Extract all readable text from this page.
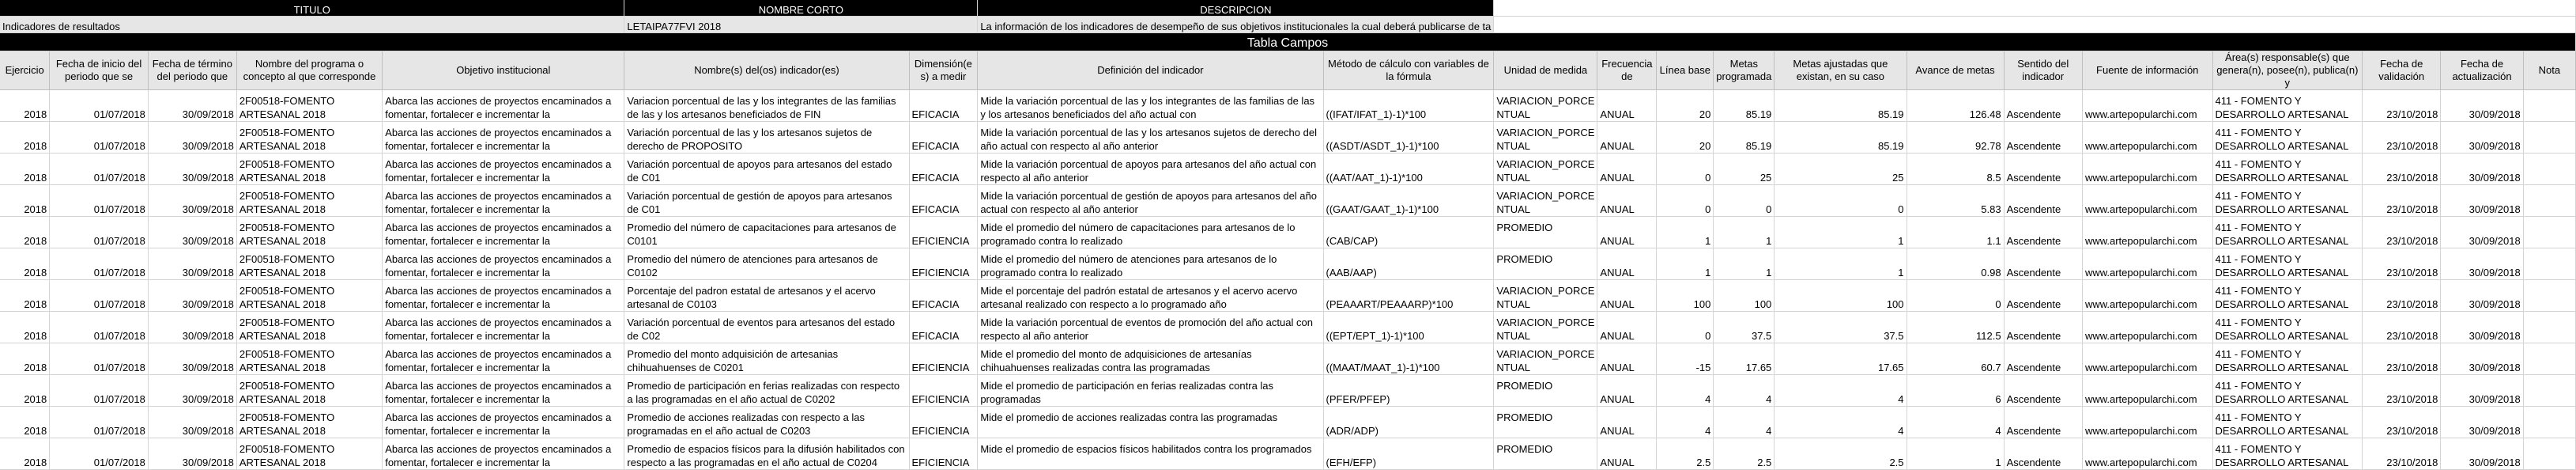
TITULO					NOMBRE CORTO		DESCRIPCION													
Indicadores de resultados					LETAIPA77FVI 2018		La información de los indicadores de desempeño de sus objetivos institucionales la cual deberá publicarse de ta													
Tabla Campos																				
Ejercicio	Fecha de inicio del periodo que se	Fecha de término del periodo que	Nombre del programa o concepto al que corresponde	Objetivo institucional	Nombre(s) del(os) indicador(es)	Dimensión(e s) a medir	Definición del indicador	Método de cálculo con variables de la fórmula	Unidad de medida	Frecuencia de	Línea base	Metas programada	Metas ajustadas que existan, en su caso	Avance de metas	Sentido del indicador	Fuente de información	Área(s) responsable(s) que genera(n), posee(n), publica(n) y	Fecha de validación	Fecha de actualización	Nota
2018	01/07/2018	30/09/2018	2F00518-FOMENTO ARTESANAL 2018	Abarca las acciones de proyectos encaminados a fomentar, fortalecer e incrementar la	Variacion porcentual de las y los integrantes de las familias de las y los artesanos beneficiados de FIN	EFICACIA	Mide la variación porcentual de las y los integrantes de las familias de las y los artesanos beneficiados del año actual con	((IFAT/IFAT_1)-1)*100	VARIACION_PORCE NTUAL	ANUAL	20	85.19	85.19	126.48	Ascendente	www.artepopularchi.com	411 - FOMENTO Y DESARROLLO ARTESANAL	23/10/2018	30/09/2018	
2018	01/07/2018	30/09/2018	2F00518-FOMENTO ARTESANAL 2018	Abarca las acciones de proyectos encaminados a fomentar, fortalecer e incrementar la	Variación porcentual de las y los artesanos sujetos de derecho de PROPOSITO	EFICACIA	Mide la variación porcentual de las y los artesanos sujetos de derecho del año actual con respecto al año anterior	((ASDT/ASDT_1)-1)*100	VARIACION_PORCE NTUAL	ANUAL	20	85.19	85.19	92.78	Ascendente	www.artepopularchi.com	411 - FOMENTO Y DESARROLLO ARTESANAL	23/10/2018	30/09/2018	
2018	01/07/2018	30/09/2018	2F00518-FOMENTO ARTESANAL 2018	Abarca las acciones de proyectos encaminados a fomentar, fortalecer e incrementar la	Variación porcentual de apoyos para artesanos del estado de C01	EFICACIA	Mide la variación porcentual de apoyos para artesanos del año actual con respecto al año anterior	((AAT/AAT_1)-1)*100	VARIACION_PORCE NTUAL	ANUAL	0	25	25	8.5	Ascendente	www.artepopularchi.com	411 - FOMENTO Y DESARROLLO ARTESANAL	23/10/2018	30/09/2018	
2018	01/07/2018	30/09/2018	2F00518-FOMENTO ARTESANAL 2018	Abarca las acciones de proyectos encaminados a fomentar, fortalecer e incrementar la	Variación porcentual de gestión de apoyos para artesanos de C01	EFICACIA	Mide la variación porcentual de gestión de apoyos para artesanos del año actual con respecto al año anterior	((GAAT/GAAT_1)-1)*100	VARIACION_PORCE NTUAL	ANUAL	0	0	0	5.83	Ascendente	www.artepopularchi.com	411 - FOMENTO Y DESARROLLO ARTESANAL	23/10/2018	30/09/2018	
2018	01/07/2018	30/09/2018	2F00518-FOMENTO ARTESANAL 2018	Abarca las acciones de proyectos encaminados a fomentar, fortalecer e incrementar la	Promedio del número de capacitaciones para artesanos de C0101	EFICIENCIA	Mide el promedio del número de capacitaciones para artesanos de lo programado contra lo realizado	(CAB/CAP)	PROMEDIO	ANUAL	1	1	1	1.1	Ascendente	www.artepopularchi.com	411 - FOMENTO Y DESARROLLO ARTESANAL	23/10/2018	30/09/2018	
2018	01/07/2018	30/09/2018	2F00518-FOMENTO ARTESANAL 2018	Abarca las acciones de proyectos encaminados a fomentar, fortalecer e incrementar la	Promedio del número de atenciones para artesanos de C0102	EFICIENCIA	Mide el promedio del número de atenciones para artesanos de lo programado contra lo realizado	(AAB/AAP)	PROMEDIO	ANUAL	1	1	1	0.98	Ascendente	www.artepopularchi.com	411 - FOMENTO Y DESARROLLO ARTESANAL	23/10/2018	30/09/2018	
2018	01/07/2018	30/09/2018	2F00518-FOMENTO ARTESANAL 2018	Abarca las acciones de proyectos encaminados a fomentar, fortalecer e incrementar la	Porcentaje del padron estatal de artesanos y el acervo artesanal de C0103	EFICACIA	Mide el porcentaje del padrón estatal de artesanos y el acervo acervo artesanal realizado con respecto a lo programado año	(PEAAART/PEAAARP)*100	VARIACION_PORCE NTUAL	ANUAL	100	100	100	0	Ascendente	www.artepopularchi.com	411 - FOMENTO Y DESARROLLO ARTESANAL	23/10/2018	30/09/2018	
2018	01/07/2018	30/09/2018	2F00518-FOMENTO ARTESANAL 2018	Abarca las acciones de proyectos encaminados a fomentar, fortalecer e incrementar la	Variación porcentual de eventos para artesanos del estado de C02	EFICACIA	Mide la variación porcentual de eventos de promoción del año actual con respecto al año anterior	((EPT/EPT_1)-1)*100	VARIACION_PORCE NTUAL	ANUAL	0	37.5	37.5	112.5	Ascendente	www.artepopularchi.com	411 - FOMENTO Y DESARROLLO ARTESANAL	23/10/2018	30/09/2018	
2018	01/07/2018	30/09/2018	2F00518-FOMENTO ARTESANAL 2018	Abarca las acciones de proyectos encaminados a fomentar, fortalecer e incrementar la	Promedio del monto adquisición de artesanias chihuahuenses de C0201	EFICIENCIA	Mide el promedio del monto de adquisiciones de artesanías chihuahuenses realizadas contra las programadas	((MAAT/MAAT_1)-1)*100	VARIACION_PORCE NTUAL	ANUAL	-15	17.65	17.65	60.7	Ascendente	www.artepopularchi.com	411 - FOMENTO Y DESARROLLO ARTESANAL	23/10/2018	30/09/2018	
2018	01/07/2018	30/09/2018	2F00518-FOMENTO ARTESANAL 2018	Abarca las acciones de proyectos encaminados a fomentar, fortalecer e incrementar la	Promedio de participación en ferias realizadas con respecto a las programadas en el año actual de C0202	EFICIENCIA	Mide el promedio de participación en ferias realizadas contra las programadas	(PFER/PFEP)	PROMEDIO	ANUAL	4	4	4	6	Ascendente	www.artepopularchi.com	411 - FOMENTO Y DESARROLLO ARTESANAL	23/10/2018	30/09/2018	
2018	01/07/2018	30/09/2018	2F00518-FOMENTO ARTESANAL 2018	Abarca las acciones de proyectos encaminados a fomentar, fortalecer e incrementar la	Promedio de acciones realizadas con respecto a las programadas en el año actual de C0203	EFICIENCIA	Mide el promedio de acciones realizadas contra las programadas	(ADR/ADP)	PROMEDIO	ANUAL	4	4	4	4	Ascendente	www.artepopularchi.com	411 - FOMENTO Y DESARROLLO ARTESANAL	23/10/2018	30/09/2018	
2018	01/07/2018	30/09/2018	2F00518-FOMENTO ARTESANAL 2018	Abarca las acciones de proyectos encaminados a fomentar, fortalecer e incrementar la	Promedio de espacios físicos para la difusión habilitados con respecto a las programadas en el año actual de C0204	EFICIENCIA	Mide el promedio de espacios físicos habilitados contra los programados	(EFH/EFP)	PROMEDIO	ANUAL	2.5	2.5	2.5	1	Ascendente	www.artepopularchi.com	411 - FOMENTO Y DESARROLLO ARTESANAL	23/10/2018	30/09/2018	
